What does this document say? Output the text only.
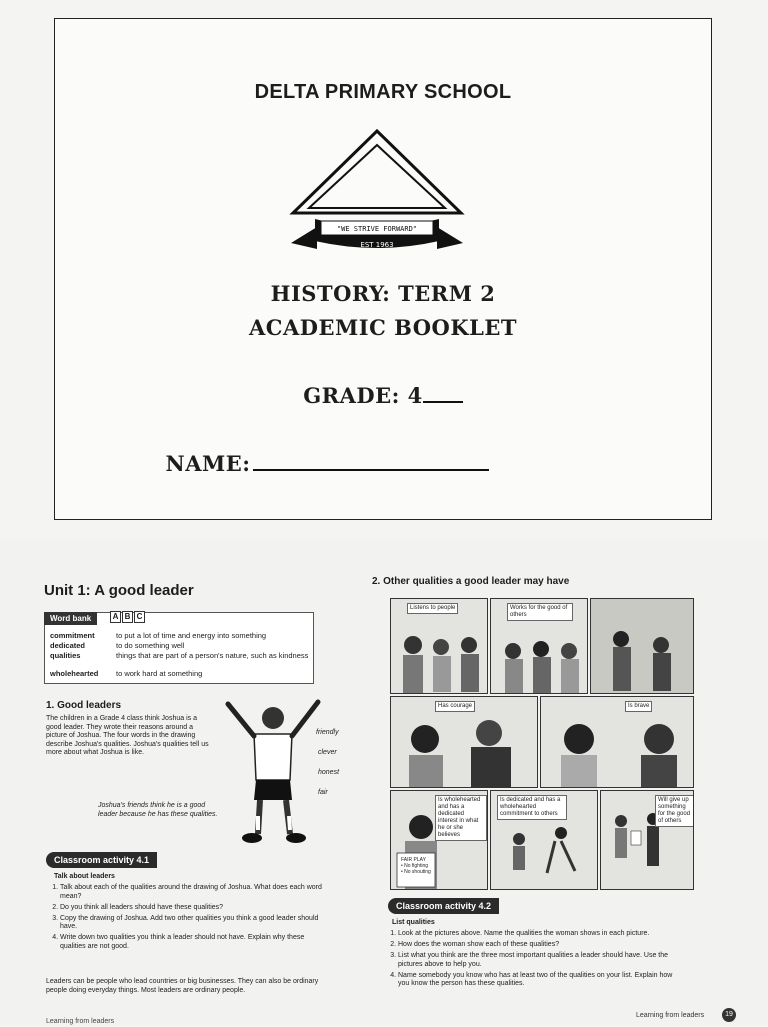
DELTA PRIMARY SCHOOL
"WE STRIVE FORWARD"
EST 1963
HISTORY: TERM 2
ACADEMIC BOOKLET
GRADE: 4
NAME:
Unit 1: A good leader
Word bank	A B C
commitment	to put a lot of time and energy into something
dedicated	to do something well
qualities	things that are part of a person's nature, such as kindness
wholehearted to work hard at something
1. Good leaders
The children in a Grade 4 class think Joshua is a good leader. They wrote their reasons around a picture of Joshua. The four words in the drawing describe Joshua's qualities. Joshua's qualities tell us more about what Joshua is like.
friendly
clever
honest
fair
Joshua's friends think he is a good leader because he has these qualities.
Classroom activity 4.1
Talk about leaders
1. Talk about each of the qualities around the drawing of Joshua. What does each word mean?
2. Do you think all leaders should have these qualities?
3. Copy the drawing of Joshua. Add two other qualities you think a good leader should have.
4. Write down two qualities you think a leader should not have. Explain why these qualities are not good.
Leaders can be people who lead countries or big businesses. They can also be ordinary people doing everyday things. Most leaders are ordinary people.
Learning from leaders
2. Other qualities a good leader may have
Listens to people	Works for the good of others
Has courage	Is brave
Is wholehearted and has a dedicated interest in what he or she believes
FAIR PLAY
• No fighting
• No shouting
Is dedicated and has a wholehearted commitment to others
Will give up something for the good of others
Classroom activity 4.2
List qualities
1. Look at the pictures above. Name the qualities the woman shows in each picture.
2. How does the woman show each of these qualities?
3. List what you think are the three most important qualities a leader should have. Use the pictures above to help you.
4. Name somebody you know who has at least two of the qualities on your list. Explain how you know the person has these qualities.
Learning from leaders	19
